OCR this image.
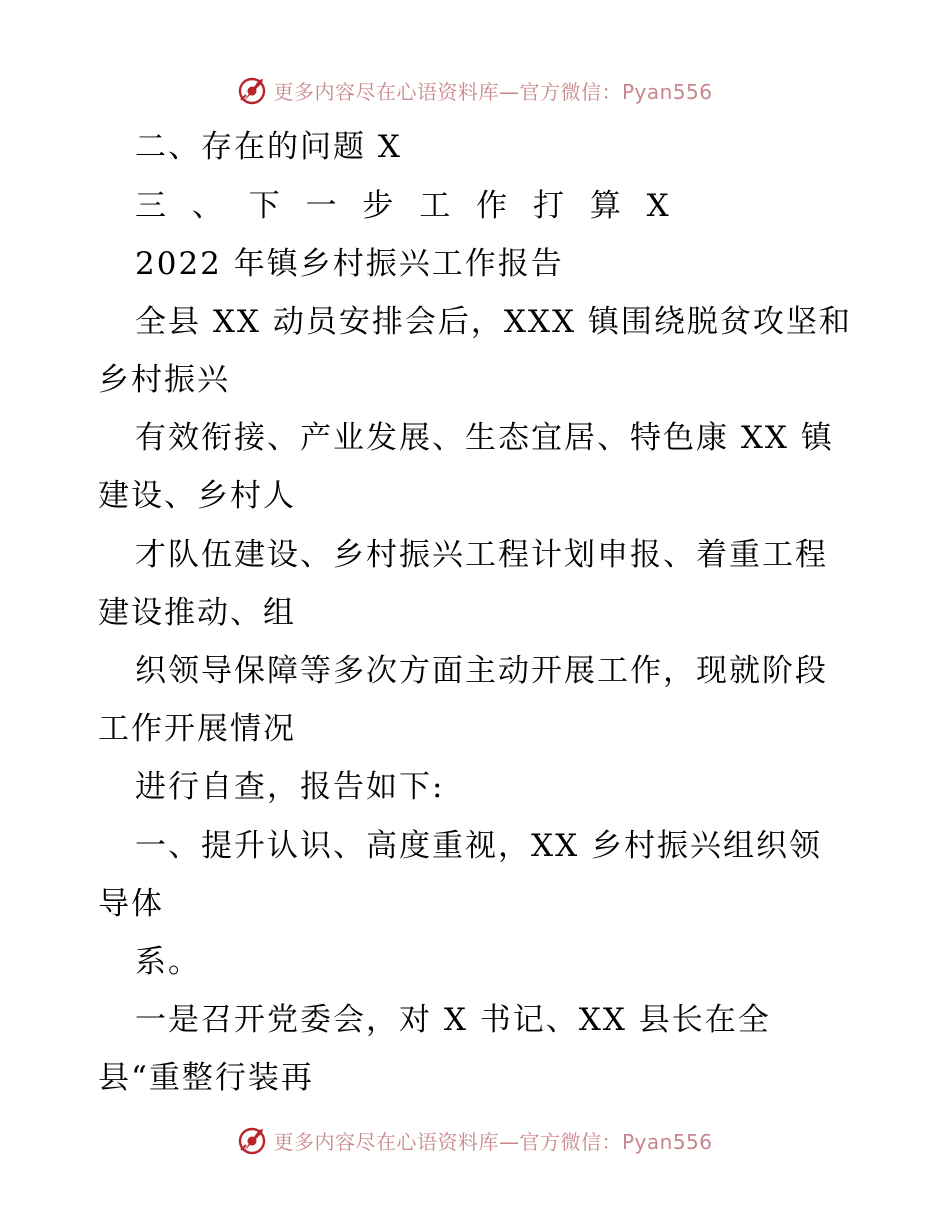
更多内容尽在心语资料库—官方微信：Pyan556
二、存在的问题 X
三 、 下 一 步 工 作 打 算 X
2022 年镇乡村振兴工作报告
全县 XX 动员安排会后，XXX 镇围绕脱贫攻坚和
乡村振兴
有效衔接、产业发展、生态宜居、特色康 XX 镇
建设、乡村人
才队伍建设、乡村振兴工程计划申报、着重工程
建设推动、组
织领导保障等多次方面主动开展工作，现就阶段
工作开展情况
进行自查，报告如下:
一、提升认识、高度重视，XX 乡村振兴组织领
导体
系。
一是召开党委会，对 X 书记、XX 县长在全
县“重整行装再
更多内容尽在心语资料库—官方微信：Pyan556
